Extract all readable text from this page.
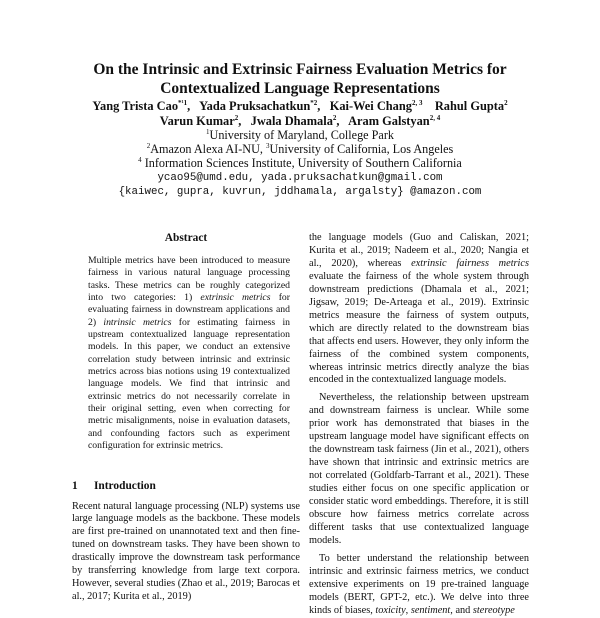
On the Intrinsic and Extrinsic Fairness Evaluation Metrics for
Contextualized Language Representations
Yang Trista Cao$^{*^11}$,   Yada Pruksachatkun$^{*2}$,   Kai-Wei Chang$^{2, 3}$ Rahul Gupta$^2$
Varun Kumar$^2$,   Jwala Dhamala$^2$,   Aram Galstyan$^{2, 4}$
$^1$University of Maryland, College Park
$^2$Amazon Alexa AI-NU, $^3$University of California, Los Angeles
$^4$ Information Sciences Institute, University of Southern California
ycao95@umd.edu, yada.pruksachatkun@gmail.com
{kaiwec, gupra, kuvrun, jddhamala, argalsty} @amazon.com
Abstract

Multiple metrics have been introduced to measure fairness in various natural language processing tasks. These metrics can be roughly categorized into two categories: 1) extrinsic metrics for evaluating fairness in downstream applications and 2) intrinsic metrics for estimating fairness in upstream contextualized language representation models. In this paper, we conduct an extensive correlation study between intrinsic and extrinsic metrics across bias notions using 19 contextualized language models. We find that intrinsic and extrinsic metrics do not necessarily correlate in their original setting, even when correcting for metric misalignments, noise in evaluation datasets, and confounding factors such as experiment configuration for extrinsic metrics.

1 Introduction

Recent natural language processing (NLP) systems use large language models as the backbone. These models are first pre-trained on unannotated text and then fine-tuned on downstream tasks. They have been shown to drastically improve the downstream task performance by transferring knowledge from large text corpora. However, several studies (Zhao et al., 2019; Barocas et al., 2017; Kurita et al., 2019)

the language models (Guo and Caliskan, 2021; Kurita et al., 2019; Nadeem et al., 2020; Nangia et al., 2020), whereas extrinsic fairness metrics evaluate the fairness of the whole system through downstream predictions (Dhamala et al., 2021; Jigsaw, 2019; De-Arteaga et al., 2019). Extrinsic metrics measure the fairness of system outputs, which are directly related to the downstream bias that affects end users. However, they only inform the fairness of the combined system components, whereas intrinsic metrics directly analyze the bias encoded in the contextualized language models.

Nevertheless, the relationship between upstream and downstream fairness is unclear. While some prior work has demonstrated that biases in the upstream language model have significant effects on the downstream task fairness (Jin et al., 2021), others have shown that intrinsic and extrinsic metrics are not correlated (Goldfarb-Tarrant et al., 2021). These studies either focus on one specific application or consider static word embeddings. Therefore, it is still obscure how fairness metrics correlate across different tasks that use contextualized language models.

To better understand the relationship between intrinsic and extrinsic fairness metrics, we conduct extensive experiments on 19 pre-trained language models (BERT, GPT-2, etc.). We delve into three kinds of biases, toxicity, sentiment, and stereotype
